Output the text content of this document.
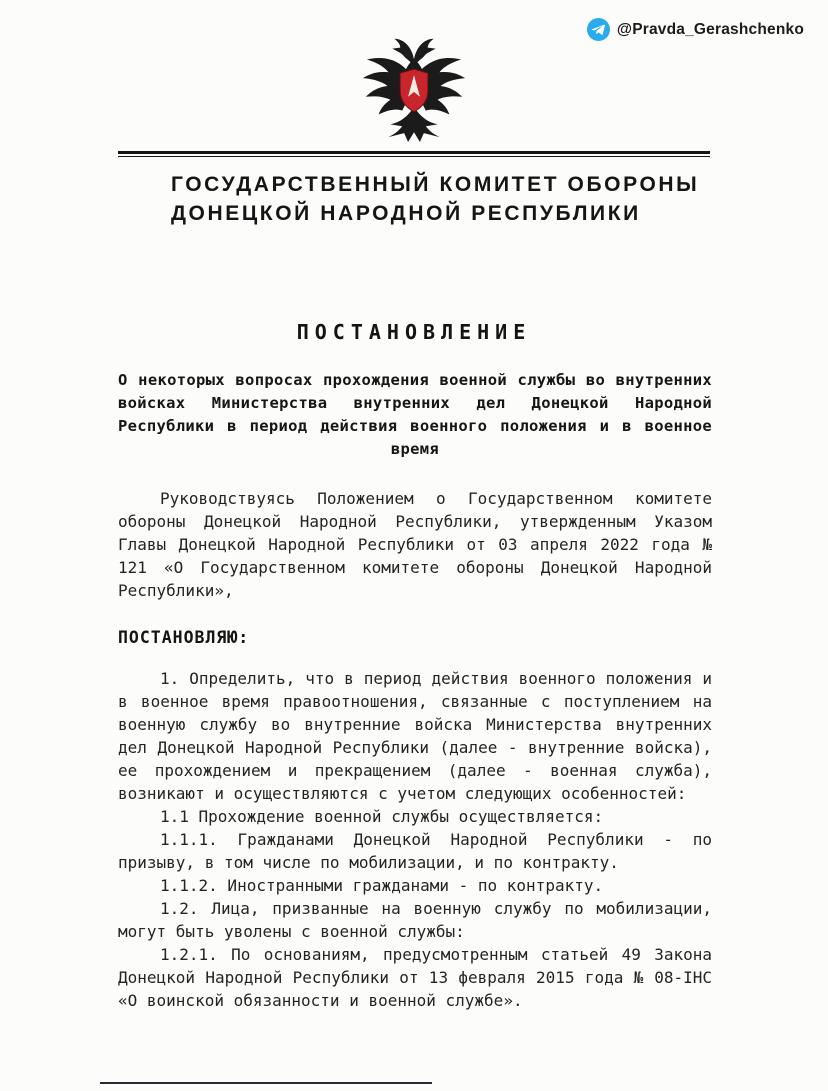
@Pravda_Gerashchenko
ГОСУДАРСТВЕННЫЙ КОМИТЕТ ОБОРОНЫ
ДОНЕЦКОЙ НАРОДНОЙ РЕСПУБЛИКИ
ПОСТАНОВЛЕНИЕ

О некоторых вопросах прохождения военной службы во внутренних войсках Министерства внутренних дел Донецкой Народной Республики в период действия военного положения и в военное время

Руководствуясь Положением о Государственном комитете обороны Донецкой Народной Республики, утвержденным Указом Главы Донецкой Народной Республики от 03 апреля 2022 года № 121 «О Государственном комитете обороны Донецкой Народной Республики»,

ПОСТАНОВЛЯЮ:

1. Определить, что в период действия военного положения и в военное время правоотношения, связанные с поступлением на военную службу во внутренние войска Министерства внутренних дел Донецкой Народной Республики (далее - внутренние войска), ее прохождением и прекращением (далее - военная служба), возникают и осуществляются с учетом следующих особенностей:

1.1 Прохождение военной службы осуществляется:

1.1.1. Гражданами Донецкой Народной Республики - по призыву, в том числе по мобилизации, и по контракту.

1.1.2. Иностранными гражданами - по контракту.

1.2. Лица, призванные на военную службу по мобилизации, могут быть уволены с военной службы:

1.2.1. По основаниям, предусмотренным статьей 49 Закона Донецкой Народной Республики от 13 февраля 2015 года № 08-IHC «О воинской обязанности и военной службе».
